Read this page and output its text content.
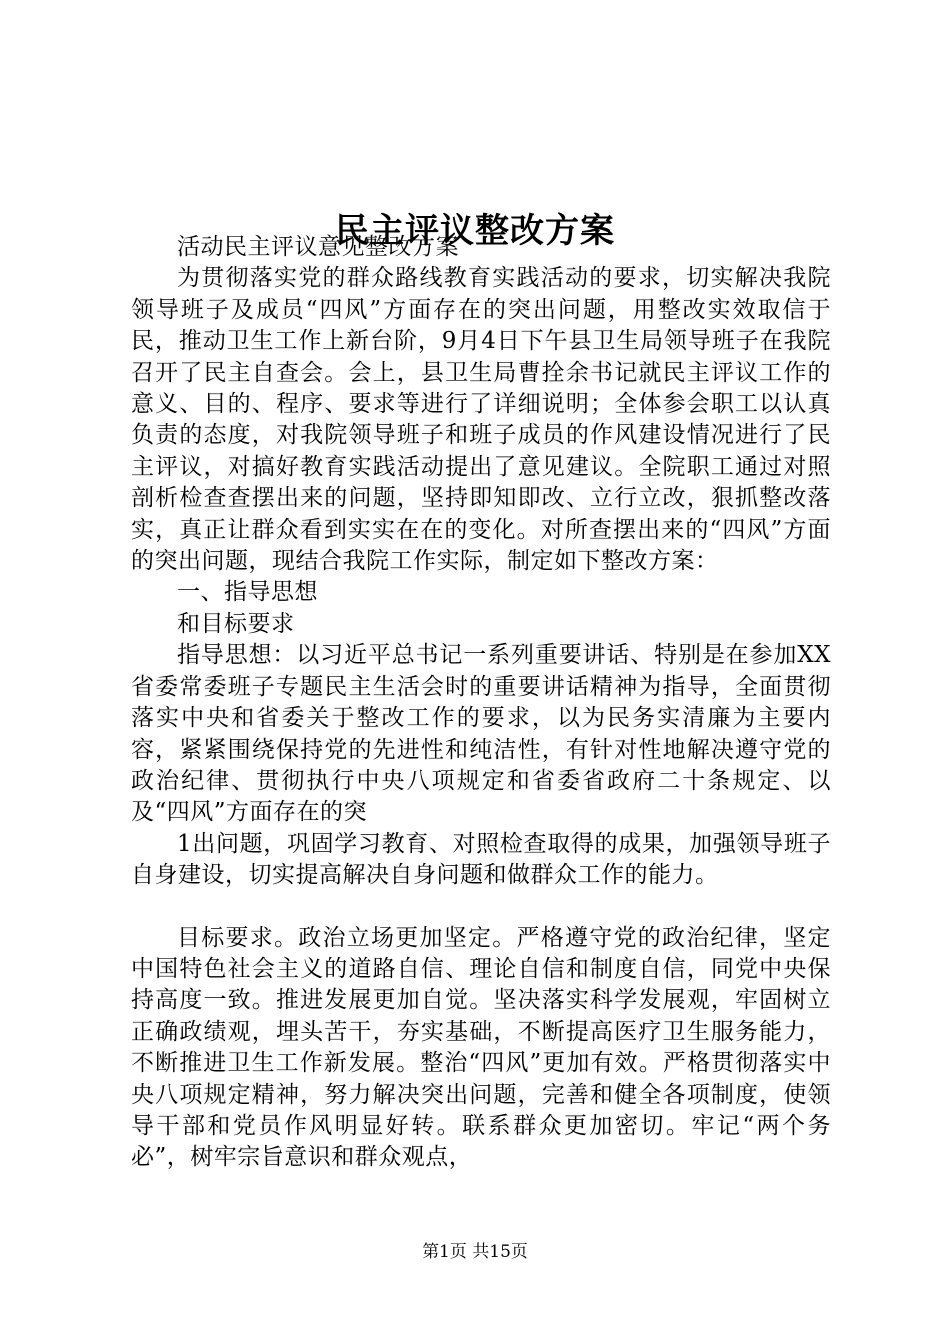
民主评议整改方案

活动民主评议意见整改方案

为贯彻落实党的群众路线教育实践活动的要求，切实解决我院领导班子及成员“四风”方面存在的突出问题，用整改实效取信于民，推动卫生工作上新台阶，9月4日下午县卫生局领导班子在我院召开了民主自查会。会上，县卫生局曹拴余书记就民主评议工作的意义、目的、程序、要求等进行了详细说明；全体参会职工以认真负责的态度，对我院领导班子和班子成员的作风建设情况进行了民主评议，对搞好教育实践活动提出了意见建议。全院职工通过对照剖析检查查摆出来的问题，坚持即知即改、立行立改，狠抓整改落实，真正让群众看到实实在在的变化。对所查摆出来的“四风”方面的突出问题，现结合我院工作实际，制定如下整改方案：

一、指导思想

和目标要求

指导思想：以习近平总书记一系列重要讲话、特别是在参加XX省委常委班子专题民主生活会时的重要讲话精神为指导，全面贯彻落实中央和省委关于整改工作的要求，以为民务实清廉为主要内容，紧紧围绕保持党的先进性和纯洁性，有针对性地解决遵守党的政治纪律、贯彻执行中央八项规定和省委省政府二十条规定、以及“四风”方面存在的突

1出问题，巩固学习教育、对照检查取得的成果，加强领导班子自身建设，切实提高解决自身问题和做群众工作的能力。

目标要求。政治立场更加坚定。严格遵守党的政治纪律，坚定中国特色社会主义的道路自信、理论自信和制度自信，同党中央保持高度一致。推进发展更加自觉。坚决落实科学发展观，牢固树立正确政绩观，埋头苦干，夯实基础，不断提高医疗卫生服务能力，不断推进卫生工作新发展。整治“四风”更加有效。严格贯彻落实中央八项规定精神，努力解决突出问题，完善和健全各项制度，使领导干部和党员作风明显好转。联系群众更加密切。牢记“两个务必”，树牢宗旨意识和群众观点，

第1页 共15页
